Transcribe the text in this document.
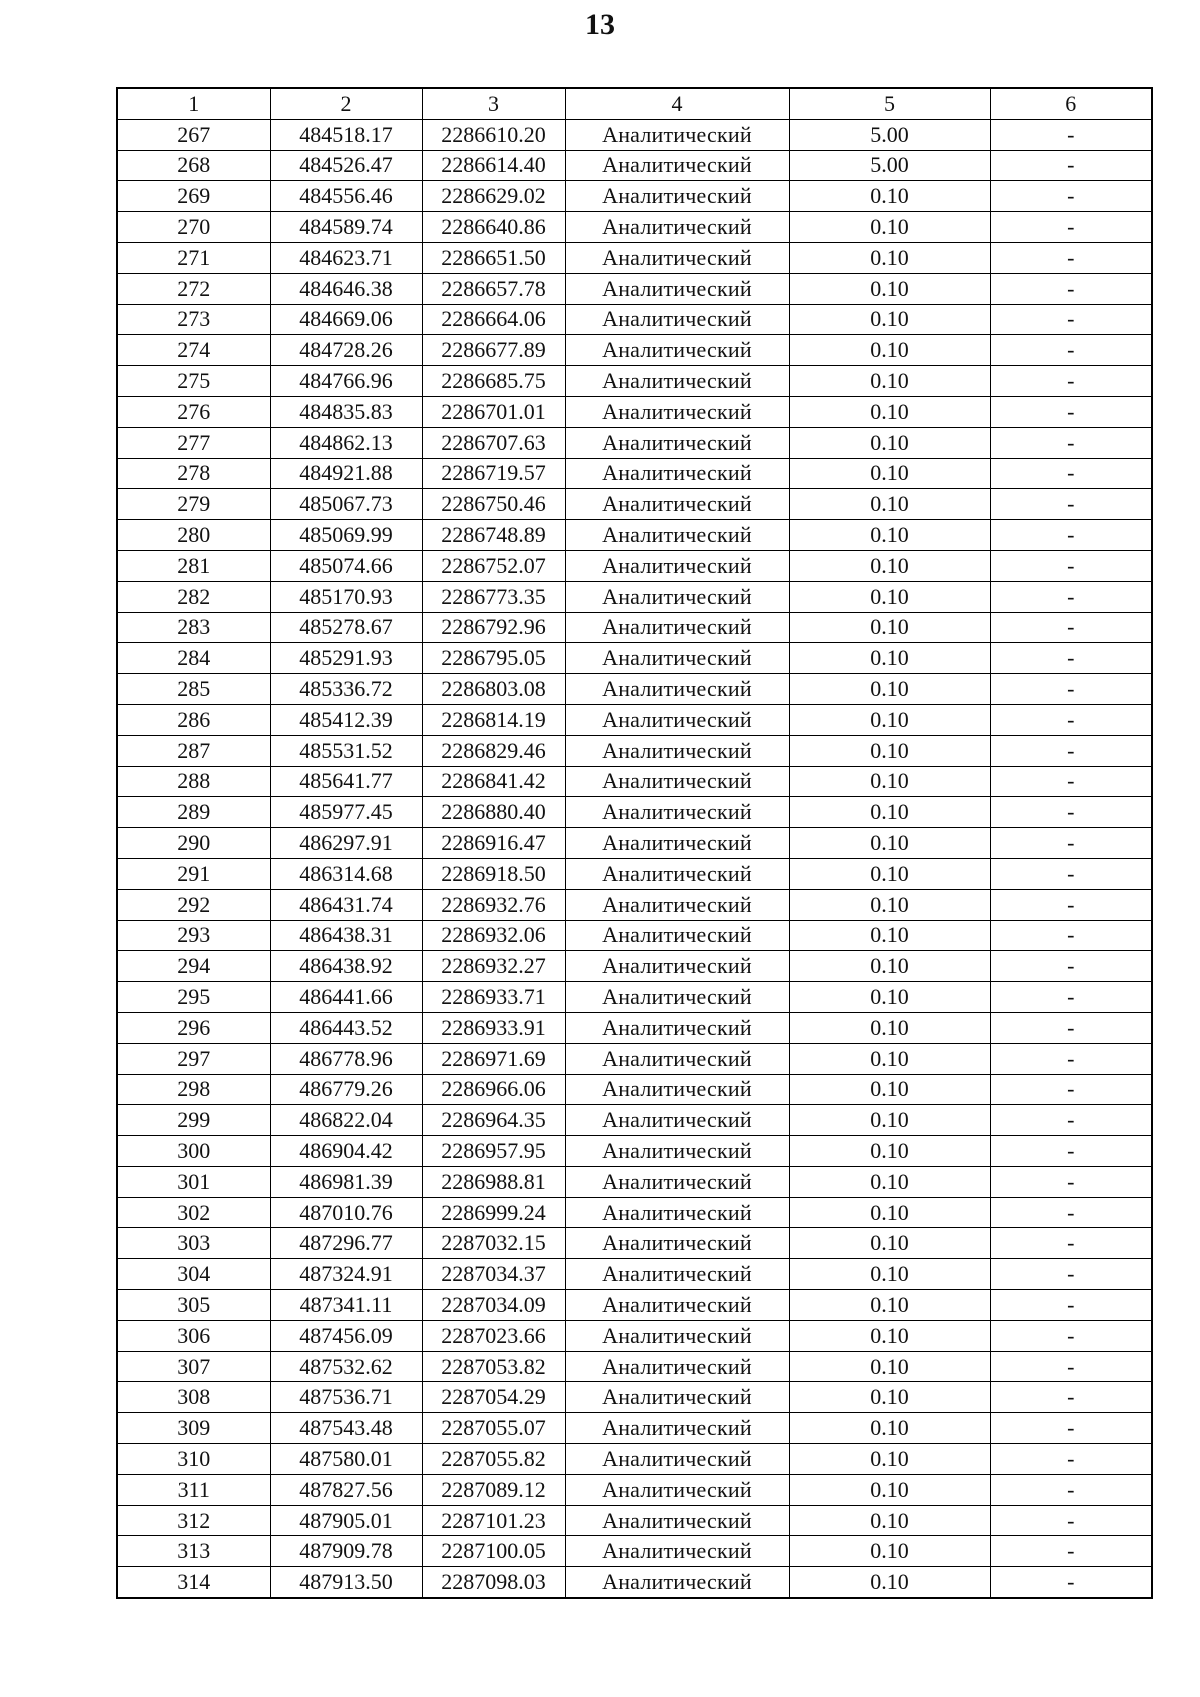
13
1	2	3	4	5	6
267	484518.17	2286610.20	Аналитический	5.00	-
268	484526.47	2286614.40	Аналитический	5.00	-
269	484556.46	2286629.02	Аналитический	0.10	-
270	484589.74	2286640.86	Аналитический	0.10	-
271	484623.71	2286651.50	Аналитический	0.10	-
272	484646.38	2286657.78	Аналитический	0.10	-
273	484669.06	2286664.06	Аналитический	0.10	-
274	484728.26	2286677.89	Аналитический	0.10	-
275	484766.96	2286685.75	Аналитический	0.10	-
276	484835.83	2286701.01	Аналитический	0.10	-
277	484862.13	2286707.63	Аналитический	0.10	-
278	484921.88	2286719.57	Аналитический	0.10	-
279	485067.73	2286750.46	Аналитический	0.10	-
280	485069.99	2286748.89	Аналитический	0.10	-
281	485074.66	2286752.07	Аналитический	0.10	-
282	485170.93	2286773.35	Аналитический	0.10	-
283	485278.67	2286792.96	Аналитический	0.10	-
284	485291.93	2286795.05	Аналитический	0.10	-
285	485336.72	2286803.08	Аналитический	0.10	-
286	485412.39	2286814.19	Аналитический	0.10	-
287	485531.52	2286829.46	Аналитический	0.10	-
288	485641.77	2286841.42	Аналитический	0.10	-
289	485977.45	2286880.40	Аналитический	0.10	-
290	486297.91	2286916.47	Аналитический	0.10	-
291	486314.68	2286918.50	Аналитический	0.10	-
292	486431.74	2286932.76	Аналитический	0.10	-
293	486438.31	2286932.06	Аналитический	0.10	-
294	486438.92	2286932.27	Аналитический	0.10	-
295	486441.66	2286933.71	Аналитический	0.10	-
296	486443.52	2286933.91	Аналитический	0.10	-
297	486778.96	2286971.69	Аналитический	0.10	-
298	486779.26	2286966.06	Аналитический	0.10	-
299	486822.04	2286964.35	Аналитический	0.10	-
300	486904.42	2286957.95	Аналитический	0.10	-
301	486981.39	2286988.81	Аналитический	0.10	-
302	487010.76	2286999.24	Аналитический	0.10	-
303	487296.77	2287032.15	Аналитический	0.10	-
304	487324.91	2287034.37	Аналитический	0.10	-
305	487341.11	2287034.09	Аналитический	0.10	-
306	487456.09	2287023.66	Аналитический	0.10	-
307	487532.62	2287053.82	Аналитический	0.10	-
308	487536.71	2287054.29	Аналитический	0.10	-
309	487543.48	2287055.07	Аналитический	0.10	-
310	487580.01	2287055.82	Аналитический	0.10	-
311	487827.56	2287089.12	Аналитический	0.10	-
312	487905.01	2287101.23	Аналитический	0.10	-
313	487909.78	2287100.05	Аналитический	0.10	-
314	487913.50	2287098.03	Аналитический	0.10	-
